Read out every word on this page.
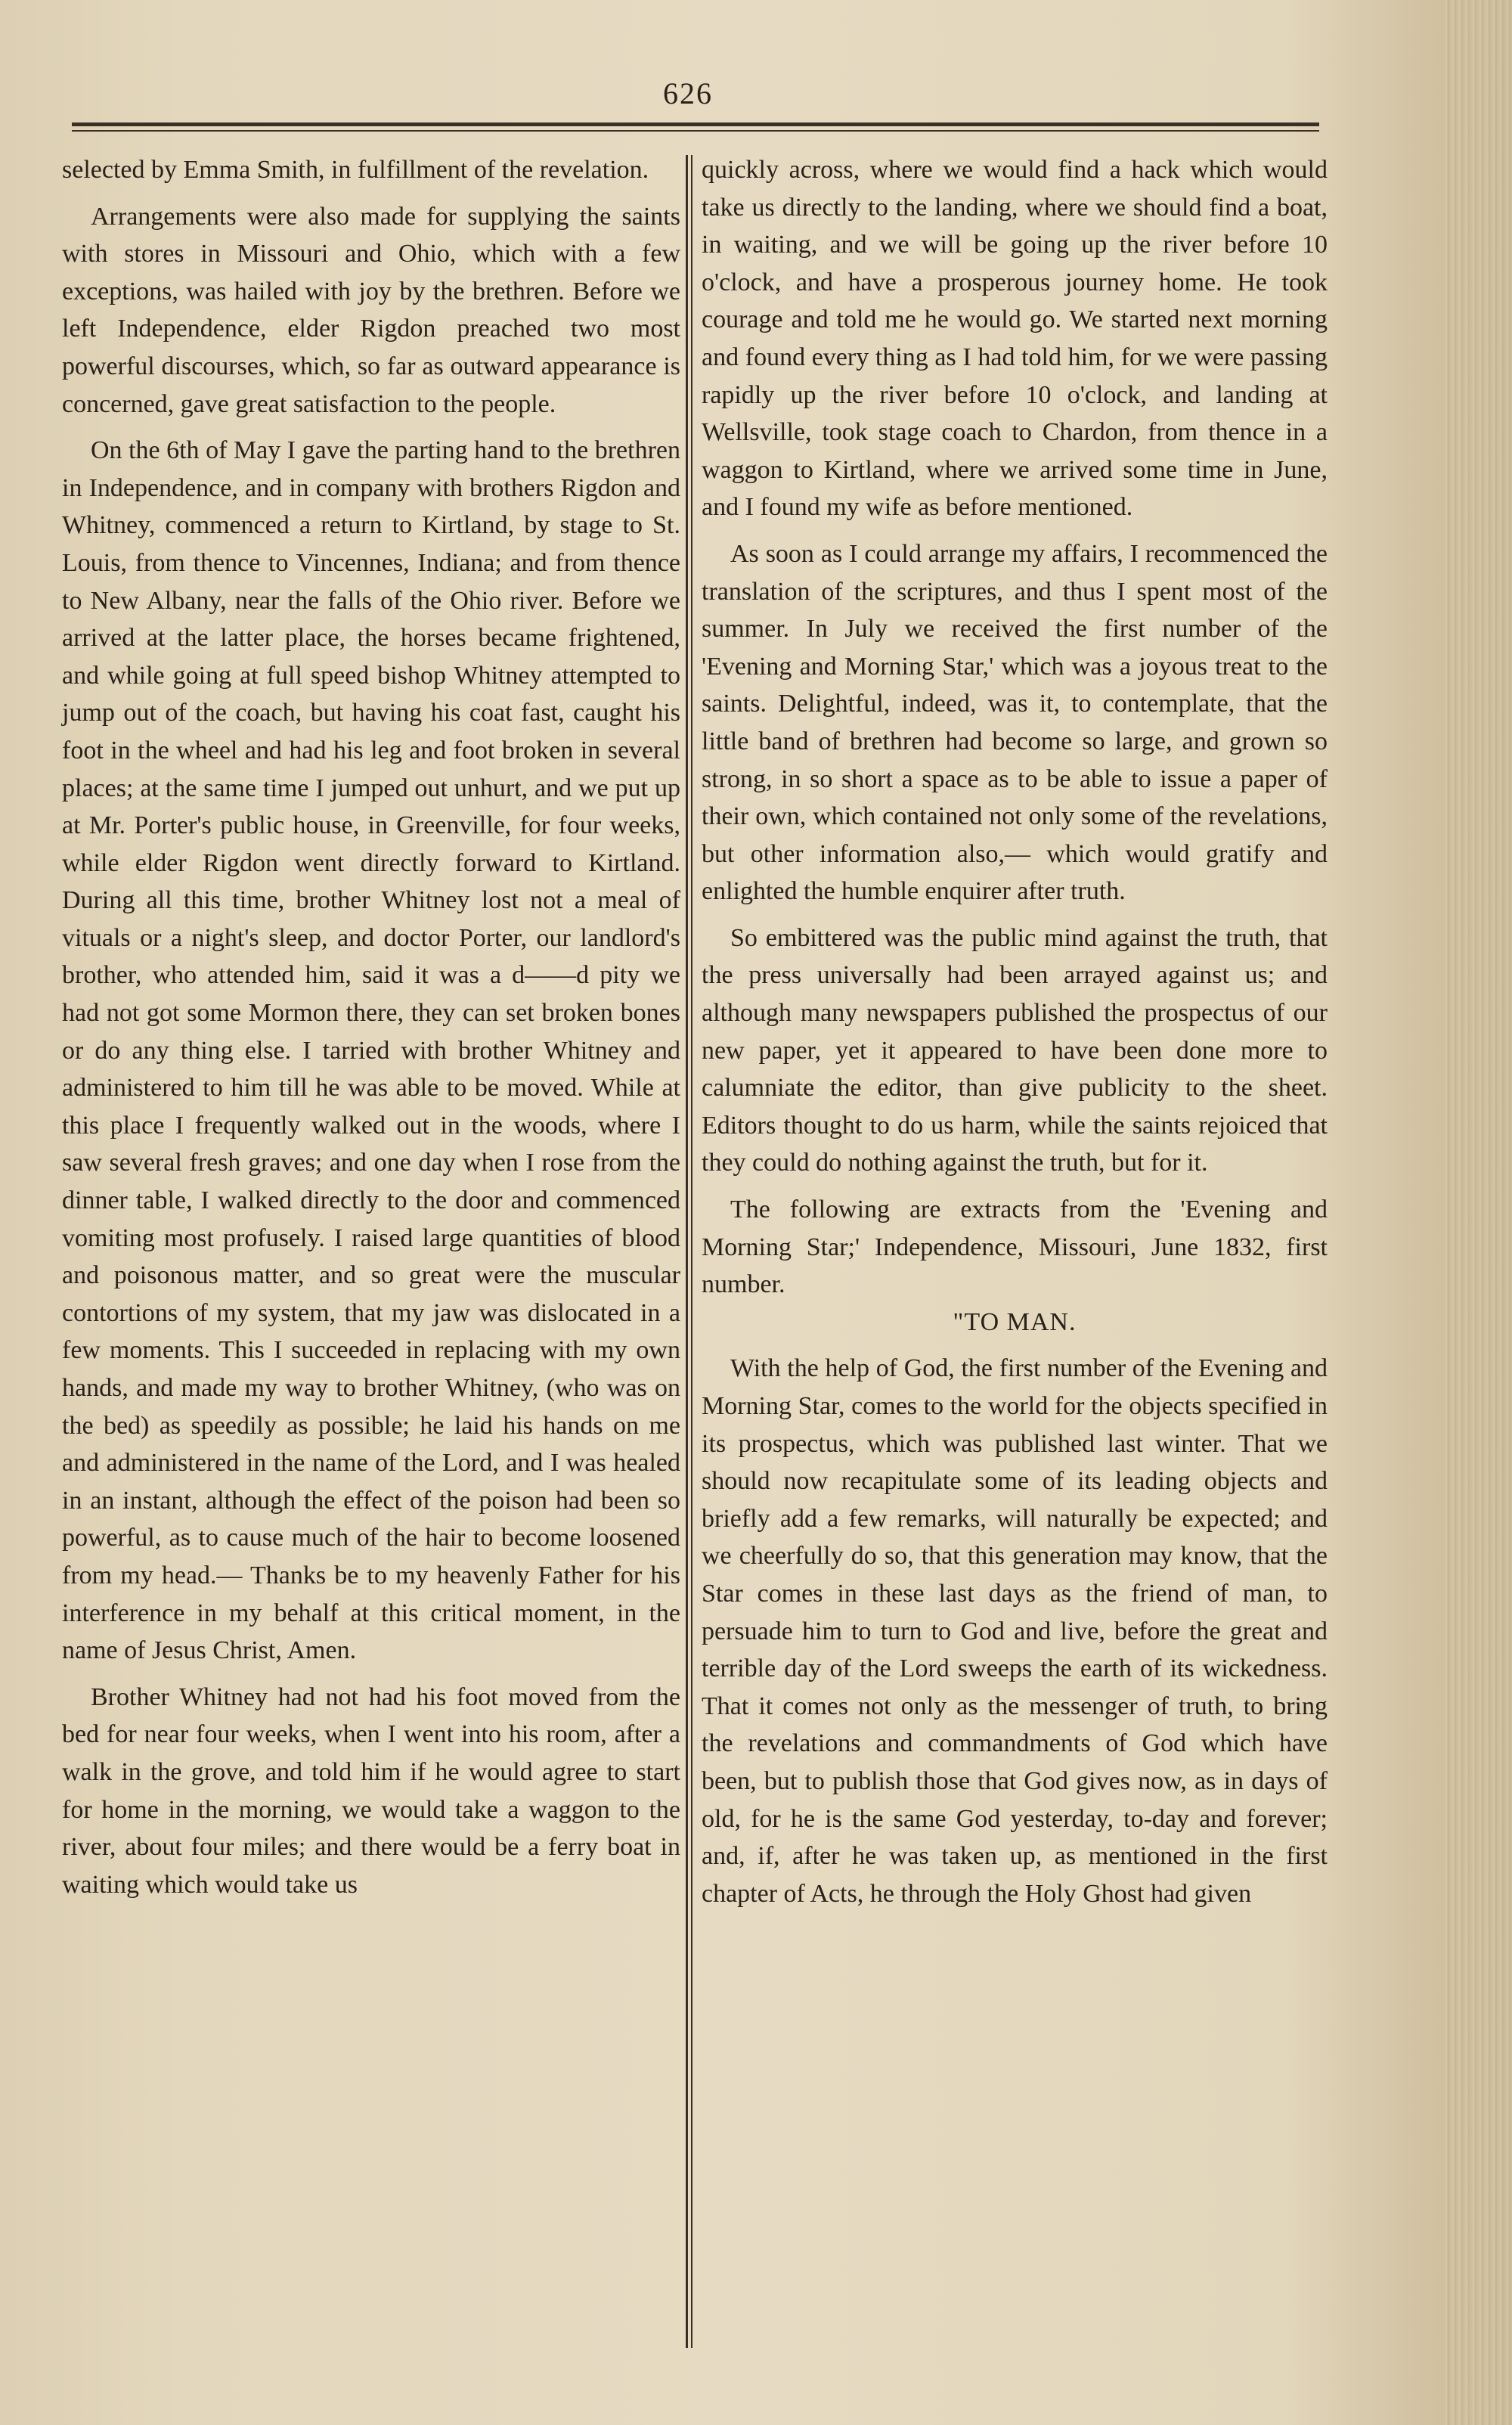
626

selected by Emma Smith, in fulfillment of the revelation.

Arrangements were also made for supplying the saints with stores in Missouri and Ohio, which with a few exceptions, was hailed with joy by the brethren. Before we left Independence, elder Rigdon preached two most powerful discourses, which, so far as outward appearance is concerned, gave great satisfaction to the people.

On the 6th of May I gave the parting hand to the brethren in Independence, and in company with brothers Rigdon and Whitney, commenced a return to Kirtland, by stage to St. Louis, from thence to Vincennes, Indiana; and from thence to New Albany, near the falls of the Ohio river. Before we arrived at the latter place, the horses became frightened, and while going at full speed bishop Whitney attempted to jump out of the coach, but having his coat fast, caught his foot in the wheel and had his leg and foot broken in several places; at the same time I jumped out unhurt, and we put up at Mr. Porter's public house, in Greenville, for four weeks, while elder Rigdon went directly forward to Kirtland. During all this time, brother Whitney lost not a meal of vituals or a night's sleep, and doctor Porter, our landlord's brother, who attended him, said it was a d——d pity we had not got some Mormon there, they can set broken bones or do any thing else. I tarried with brother Whitney and administered to him till he was able to be moved. While at this place I frequently walked out in the woods, where I saw several fresh graves; and one day when I rose from the dinner table, I walked directly to the door and commenced vomiting most profusely. I raised large quantities of blood and poisonous matter, and so great were the muscular contortions of my system, that my jaw was dislocated in a few moments. This I succeeded in replacing with my own hands, and made my way to brother Whitney, (who was on the bed) as speedily as possible; he laid his hands on me and administered in the name of the Lord, and I was healed in an instant, although the effect of the poison had been so powerful, as to cause much of the hair to become loosened from my head.— Thanks be to my heavenly Father for his interference in my behalf at this critical moment, in the name of Jesus Christ, Amen.

Brother Whitney had not had his foot moved from the bed for near four weeks, when I went into his room, after a walk in the grove, and told him if he would agree to start for home in the morning, we would take a waggon to the river, about four miles; and there would be a ferry boat in waiting which would take us

quickly across, where we would find a hack which would take us directly to the landing, where we should find a boat, in waiting, and we will be going up the river before 10 o'clock, and have a prosperous journey home. He took courage and told me he would go. We started next morning and found every thing as I had told him, for we were passing rapidly up the river before 10 o'clock, and landing at Wellsville, took stage coach to Chardon, from thence in a waggon to Kirtland, where we arrived some time in June, and I found my wife as before mentioned.

As soon as I could arrange my affairs, I recommenced the translation of the scriptures, and thus I spent most of the summer. In July we received the first number of the 'Evening and Morning Star,' which was a joyous treat to the saints. Delightful, indeed, was it, to contemplate, that the little band of brethren had become so large, and grown so strong, in so short a space as to be able to issue a paper of their own, which contained not only some of the revelations, but other information also,— which would gratify and enlighted the humble enquirer after truth.

So embittered was the public mind against the truth, that the press universally had been arrayed against us; and although many newspapers published the prospectus of our new paper, yet it appeared to have been done more to calumniate the editor, than give publicity to the sheet. Editors thought to do us harm, while the saints rejoiced that they could do nothing against the truth, but for it.

The following are extracts from the 'Evening and Morning Star;' Independence, Missouri, June 1832, first number.

"TO MAN.

With the help of God, the first number of the Evening and Morning Star, comes to the world for the objects specified in its prospectus, which was published last winter. That we should now recapitulate some of its leading objects and briefly add a few remarks, will naturally be expected; and we cheerfully do so, that this generation may know, that the Star comes in these last days as the friend of man, to persuade him to turn to God and live, before the great and terrible day of the Lord sweeps the earth of its wickedness. That it comes not only as the messenger of truth, to bring the revelations and commandments of God which have been, but to publish those that God gives now, as in days of old, for he is the same God yesterday, to-day and forever; and, if, after he was taken up, as mentioned in the first chapter of Acts, he through the Holy Ghost had given
